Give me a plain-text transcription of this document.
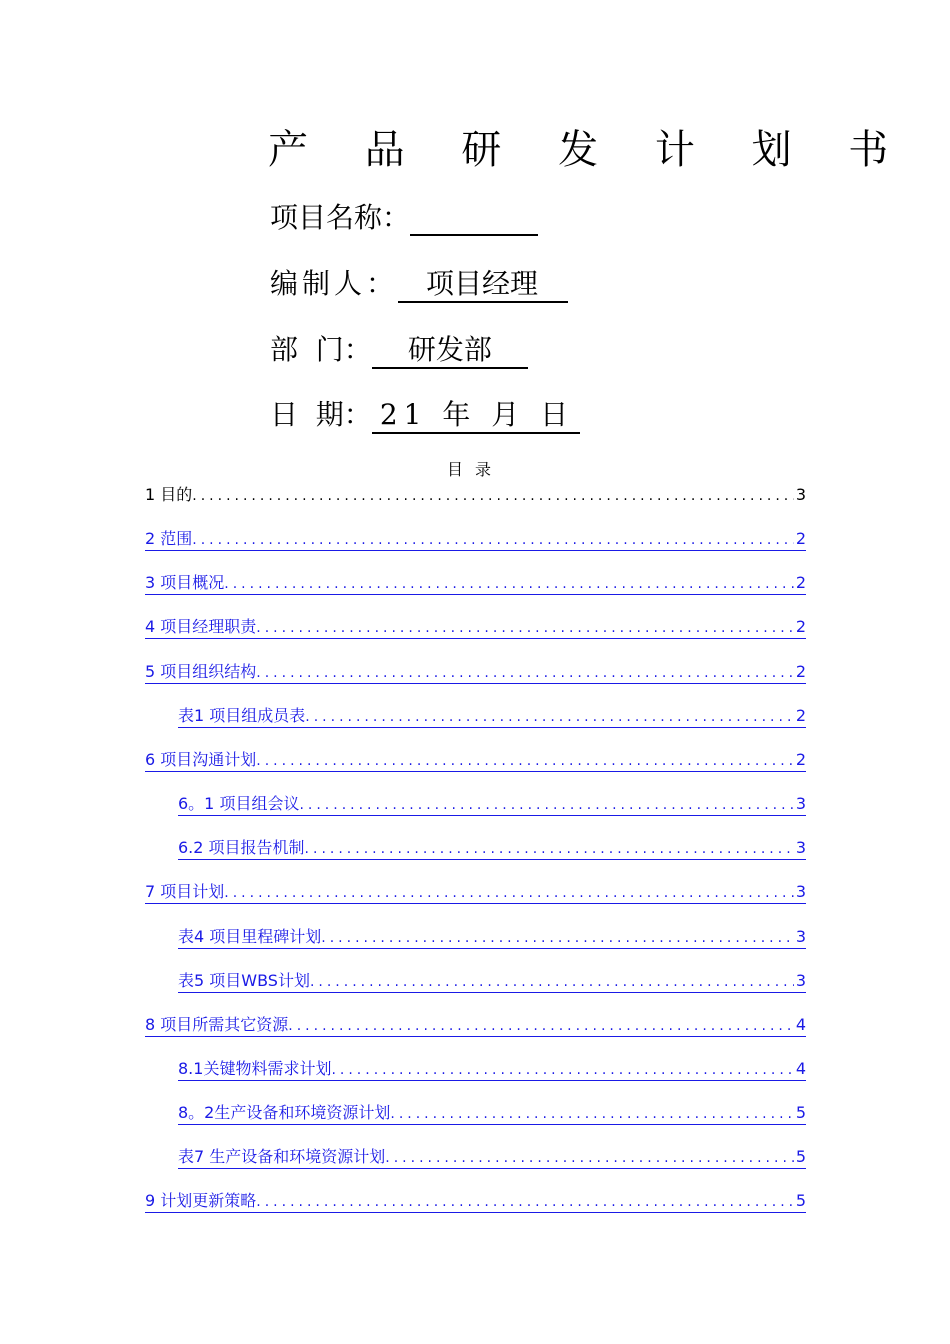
产 品 研 发 计 划 书
项目名称：
编制人： 项目经理
部  门： 研发部
日  期： 21 年 月 日
目录
1 目的 .....	3
2 范围 .....	2
3 项目概况 .....	2
4 项目经理职责 .....	2
5 项目组织结构 .....	2
表1 项目组成员表 .....	2
6 项目沟通计划 .....	2
6。1 项目组会议 .....	3
6.2 项目报告机制 .....	3
7 项目计划 .....	3
表4 项目里程碑计划 .....	3
表5 项目WBS计划 .....	3
8 项目所需其它资源 .....	4
8.1关键物料需求计划 .....	4
8。2生产设备和环境资源计划 .....	5
表7 生产设备和环境资源计划 .....	5
9 计划更新策略 .....	5
